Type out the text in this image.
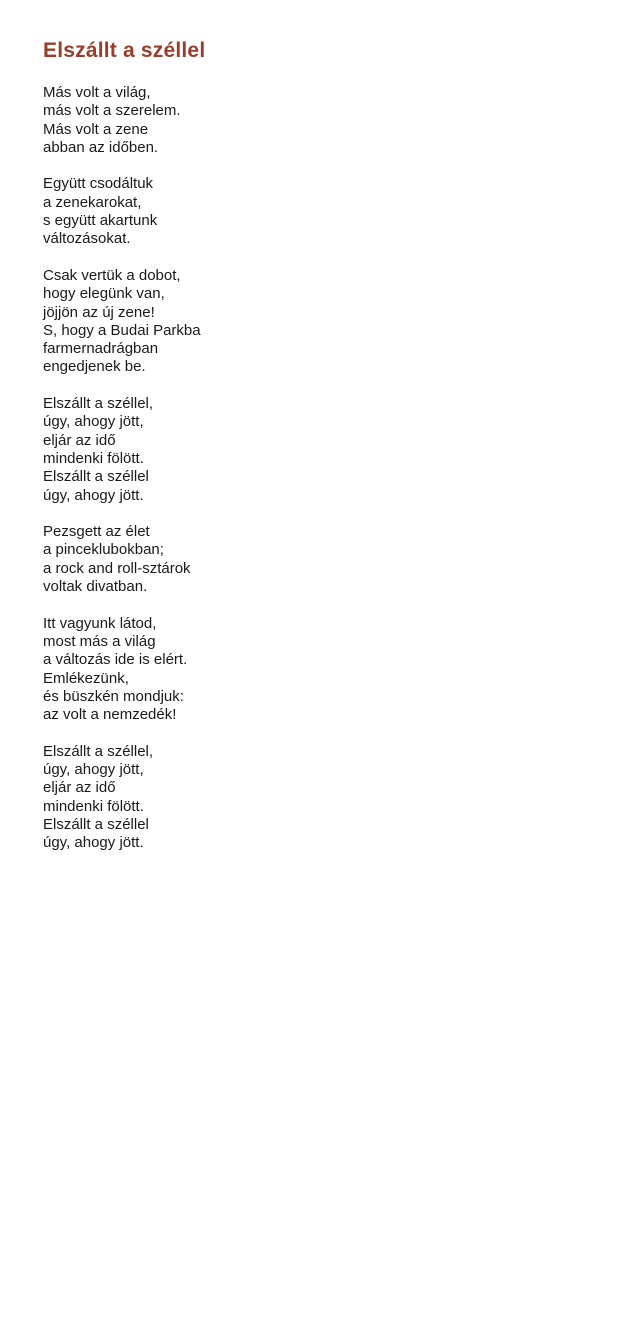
Elszállt a széllel
Más volt a világ,
más volt a szerelem.
Más volt a zene
abban az időben.
Együtt csodáltuk
a zenekarokat,
s együtt akartunk
változásokat.
Csak vertük a dobot,
hogy elegünk van,
jöjjön az új zene!
S, hogy a Budai Parkba
farmernadrágban
engedjenek be.
Elszállt a széllel,
úgy, ahogy jött,
eljár az idő
mindenki fölött.
Elszállt a széllel
úgy, ahogy jött.
Pezsgett az élet
a pinceklubokban;
a rock and roll-sztárok
voltak divatban.
Itt vagyunk látod,
most más a világ
a változás ide is elért.
Emlékezünk,
és büszkén mondjuk:
az volt a nemzedék!
Elszállt a széllel,
úgy, ahogy jött,
eljár az idő
mindenki fölött.
Elszállt a széllel
úgy, ahogy jött.
